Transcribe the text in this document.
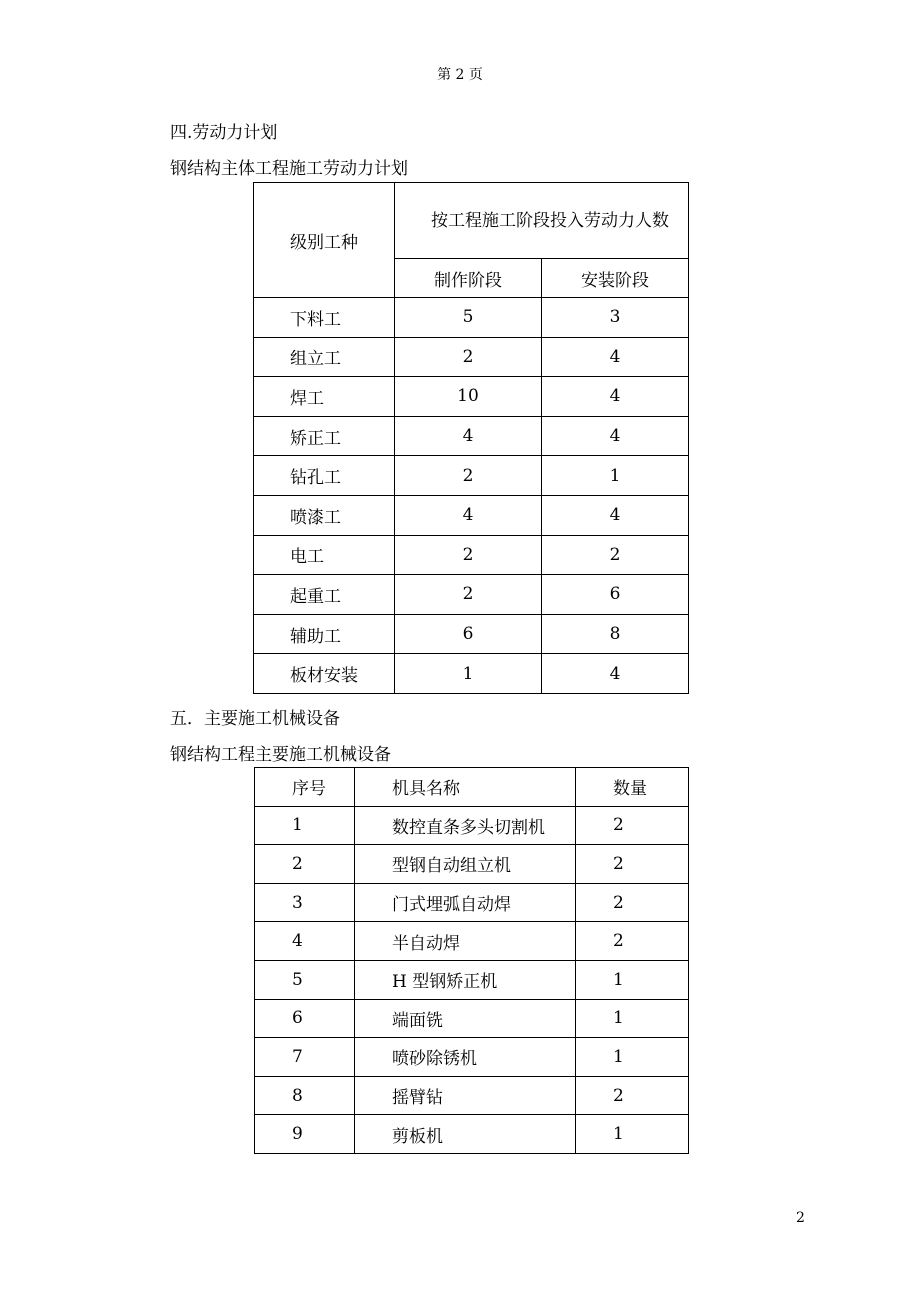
第 2 页
四.劳动力计划
钢结构主体工程施工劳动力计划
级别工种	按工程施工阶段投入劳动力人数	
	制作阶段	安装阶段
下料工	5	3
组立工	2	4
焊工	10	4
矫正工	4	4
钻孔工	2	1
喷漆工	4	4
电工	2	2
起重工	2	6
辅助工	6	8
板材安装	1	4
五．主要施工机械设备
钢结构工程主要施工机械设备
序号	机具名称	数量
1	数控直条多头切割机	2
2	型钢自动组立机	2
3	门式埋弧自动焊	2
4	半自动焊	2
5	H 型钢矫正机	1
6	端面铣	1
7	喷砂除锈机	1
8	摇臂钻	2
9	剪板机	1
2
